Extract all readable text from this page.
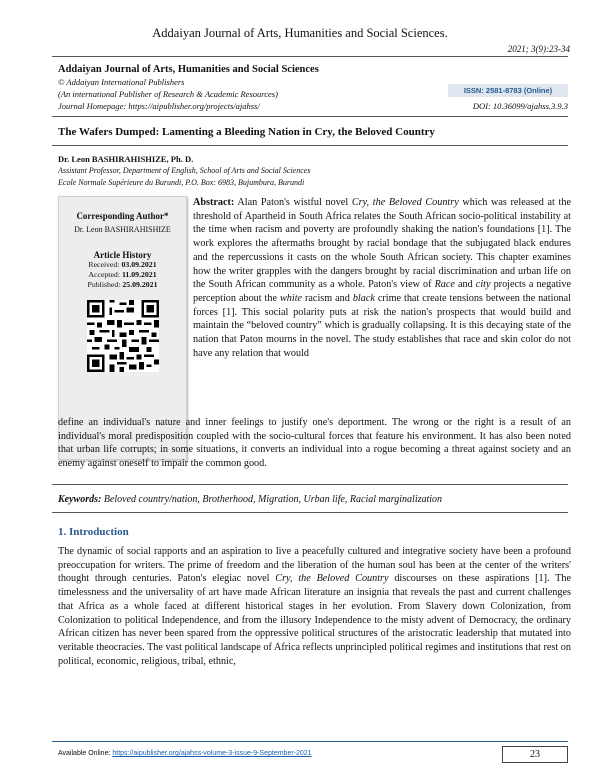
Addaiyan Journal of Arts, Humanities and Social Sciences.
2021; 3(9):23-34
Addaiyan Journal of Arts, Humanities and Social Sciences
© Addaiyan International Publishers
(An international Publisher of Research & Academic Resources)
Journal Homepage: https://aipublisher.org/projects/ajahss/
ISSN: 2581-8783 (Online)
DOI: 10.36099/ajahss.3.9.3
The Wafers Dumped: Lamenting a Bleeding Nation in Cry, the Beloved Country
Dr. Leon BASHIRAHISHIZE, Ph. D.
Assistant Professor, Department of English, School of Arts and Social Sciences
Ecole Normale Supérieure du Burundi, P.O. Box: 6983, Bujumbura, Burundi
Corresponding Author*
Dr. Leon BASHIRAHISHIZE
Article History
Received: 03.09.2021
Accepted: 11.09.2021
Published: 25.09.2021
Abstract: Alan Paton's wistful novel Cry, the Beloved Country which was released at the threshold of Apartheid in South Africa relates the South African socio-political instability at the time when racism and poverty are profoundly shaking the nation's foundations [1]. The work explores the aftermaths brought by racial bondage that the subjugated black endures and the repercussions it casts on the whole South African society. This chapter examines how the writer grapples with the dangers brought by racial discrimination and urban life on the South African community as a whole. Paton's view of Race and city projects a negative perception about the white racism and black crime that create tensions between the national forces [1]. This social polarity puts at risk the nation's prospects that would build and maintain the “beloved country” which is gradually collapsing. It is this decaying state of the nation that Paton mourns in the novel. The study establishes that race and skin color do not have any relation that would
define an individual's nature and inner feelings to justify one's deportment. The wrong or the right is a result of an individual's moral predisposition coupled with the socio-cultural forces that feature his environment. It has also been noted that urban life corrupts; in some situations, it converts an individual into a rogue becoming a threat against society and an enemy against oneself to impair the common good.
Keywords: Beloved country/nation, Brotherhood, Migration, Urban life, Racial marginalization
1. Introduction
The dynamic of social rapports and an aspiration to live a peacefully cultured and integrative society have been a profound preoccupation for writers. The prime of freedom and the liberation of the human soul has been at the center of the writers' thought through centuries. Paton's elegiac novel Cry, the Beloved Country discourses on these aspirations [1]. The timelessness and the universality of art have made African literature an insignia that reveals the past and current challenges that Africa as a whole faced at different historical stages in her evolution. From Slavery down Colonization, from Colonization to political Independence, and from the illusory Independence to the misty advent of Democracy, the ordinary African citizen has never been spared from the oppressive political structures of the aristocratic leadership that mutated into veritable theocracies. The vast political landscape of Africa reflects unprincipled political regimes and institutions that rest on political, economic, religious, tribal, ethnic,
Available Online: https://aipublisher.org/ajahss-volume-3-issue-9-September-2021	23
